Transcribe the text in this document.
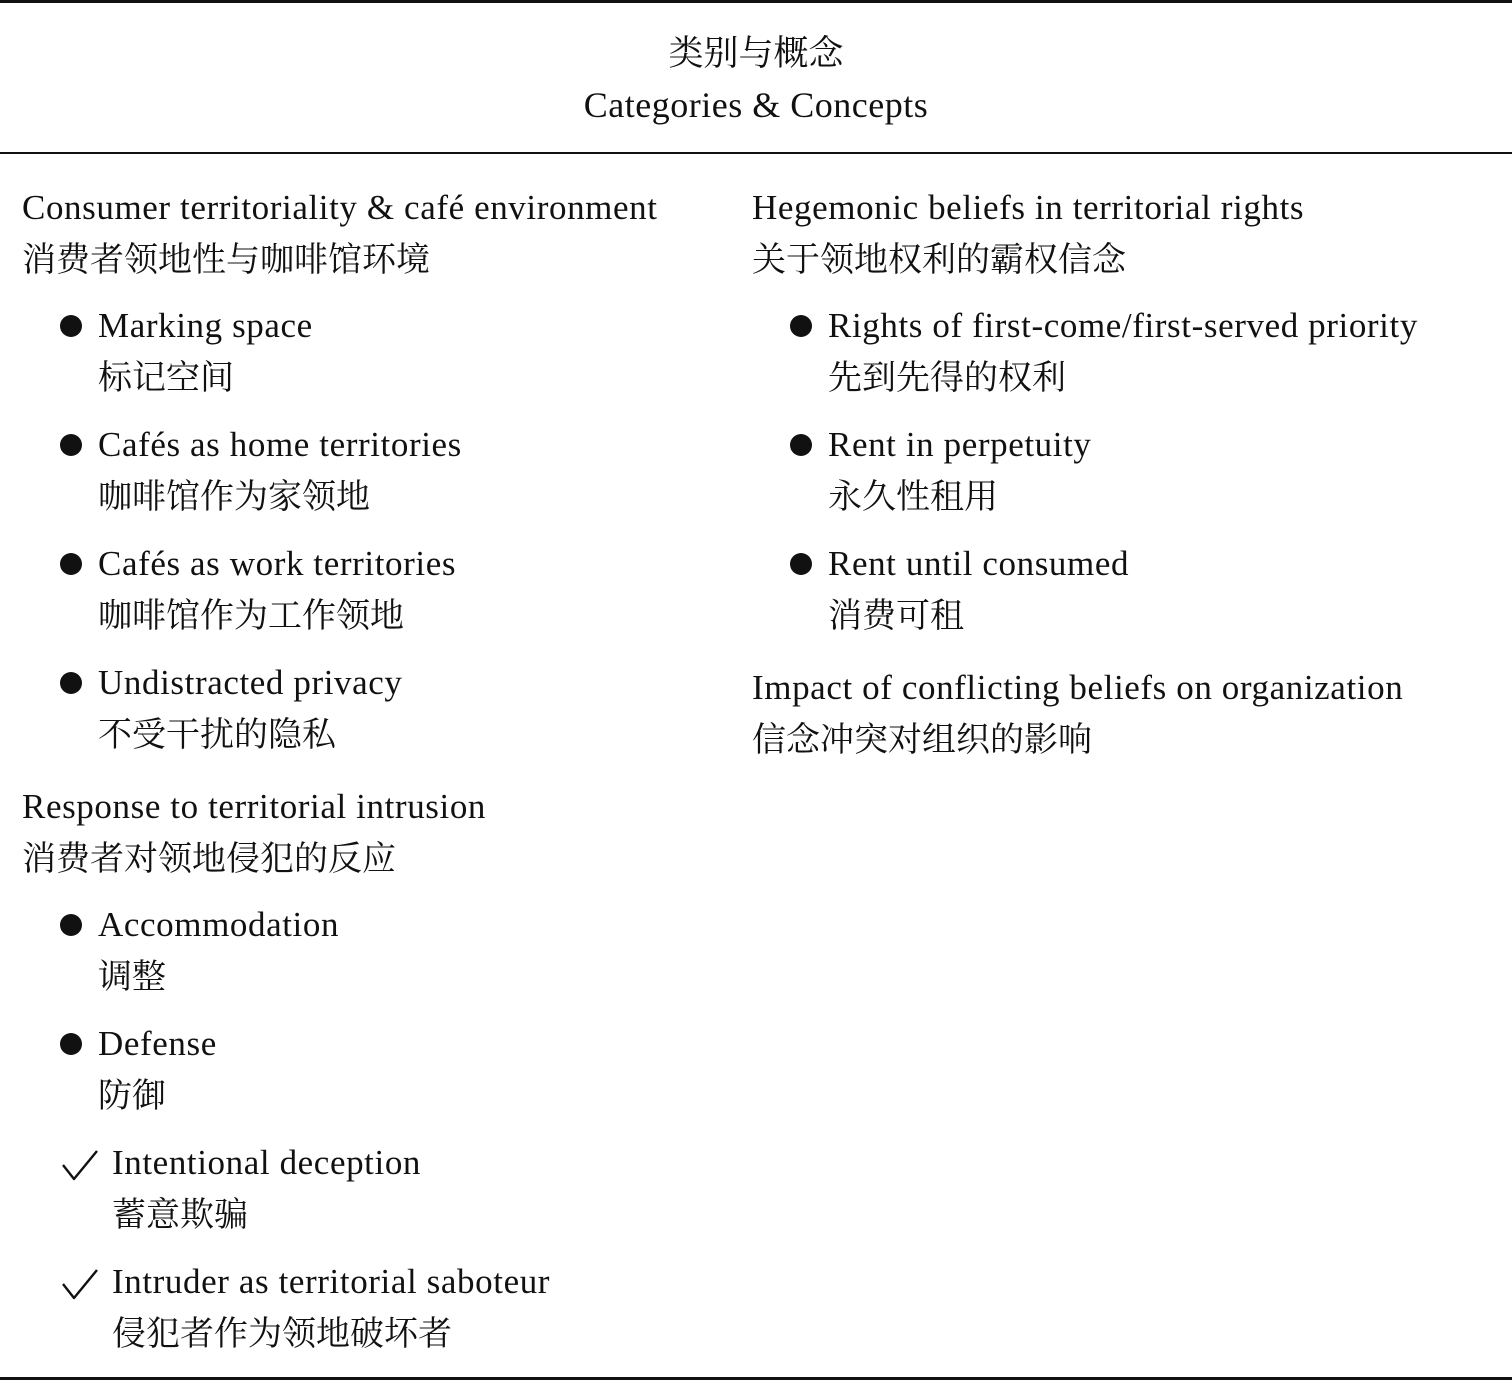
类别与概念
Categories & Concepts
Consumer territoriality & café environment
消费者领地性与咖啡馆环境
Marking space
标记空间
Cafés as home territories
咖啡馆作为家领地
Cafés as work territories
咖啡馆作为工作领地
Undistracted privacy
不受干扰的隐私
Response to territorial intrusion
消费者对领地侵犯的反应
Accommodation
调整
Defense
防御
Intentional deception
蓄意欺骗
Intruder as territorial saboteur
侵犯者作为领地破坏者
Hegemonic beliefs in territorial rights
关于领地权利的霸权信念
Rights of first-come/first-served priority
先到先得的权利
Rent in perpetuity
永久性租用
Rent until consumed
消费可租
Impact of conflicting beliefs on organization
信念冲突对组织的影响
